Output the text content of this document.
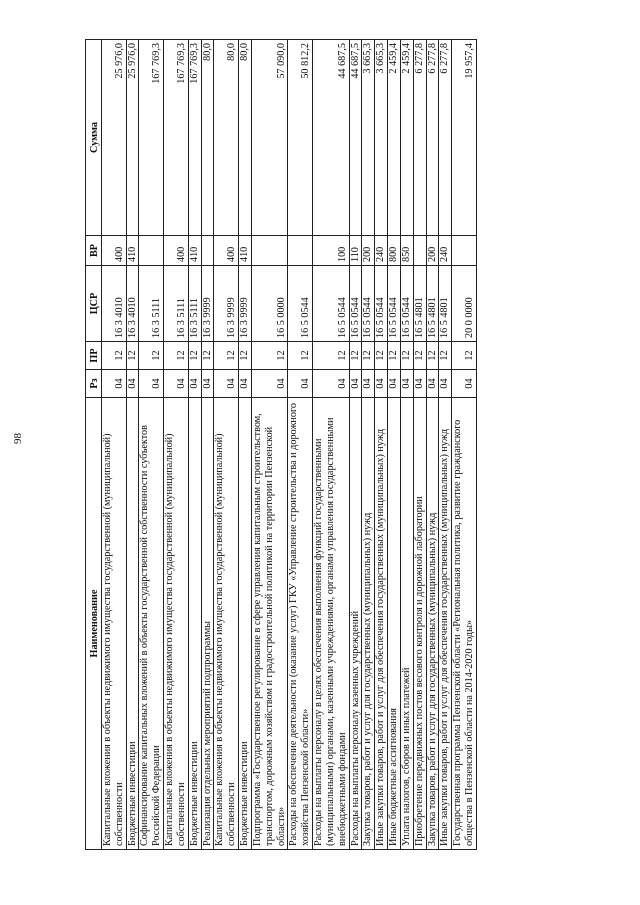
98
Наименование	Рз	ПР	ЦСР	ВР	Сумма
Капитальные вложения в объекты недвижимого имущества государственной (муниципальной) собственности	04	12	16 3 4010	400	25 976,0
Бюджетные инвестиции	04	12	16 3 4010	410	25 976,0
Софинансирование капитальных вложений в объекты государственной собственности субъектов Российской Федерации	04	12	16 3 5111		167 769,3
Капитальные вложения в объекты недвижимого имущества государственной (муниципальной) собственности	04	12	16 3 5111	400	167 769,3
Бюджетные инвестиции	04	12	16 3 5111	410	167 769,3
Реализация отдельных мероприятий подпрограммы	04	12	16 3 9999		80,0
Капитальные вложения в объекты недвижимого имущества государственной (муниципальной) собственности	04	12	16 3 9999	400	80,0
Бюджетные инвестиции	04	12	16 3 9999	410	80,0
Подпрограмма «Государственное регулирование в сфере управления капитальным строительством, транспортом, дорожным хозяйством и градостроительной политикой на территории Пензенской области»	04	12	16 5 0000		57 090,0
Расходы на обеспечение деятельности (оказание услуг) ГКУ «Управление строительства и дорожного хозяйства Пензенской области»	04	12	16 5 0544		50 812,2
Расходы на выплаты персоналу в целях обеспечения выполнения функций государственными (муниципальными) органами, казенными учреждениями, органами управления государственными внебюджетными фондами	04	12	16 5 0544	100	44 687,5
Расходы на выплаты персоналу казенных учреждений	04	12	16 5 0544	110	44 687,5
Закупка товаров, работ и услуг для государственных (муниципальных) нужд	04	12	16 5 0544	200	3 665,3
Иные закупки товаров, работ и услуг для обеспечения государственных (муниципальных) нужд	04	12	16 5 0544	240	3 665,3
Иные бюджетные ассигнования	04	12	16 5 0544	800	2 459,4
Уплата налогов, сборов и иных платежей	04	12	16 5 0544	850	2 459,4
Приобретение передвижных постов весового контроля и дорожной лаборатории	04	12	16 5 4801		6 277,8
Закупка товаров, работ и услуг для государственных (муниципальных) нужд	04	12	16 5 4801	200	6 277,8
Иные закупки товаров, работ и услуг для обеспечения государственных (муниципальных) нужд	04	12	16 5 4801	240	6 277,8
Государственная программа Пензенской области «Региональная политика, развитие гражданского общества в Пензенской области на 2014-2020 годы»	04	12	20 0 0000		19 957,4
